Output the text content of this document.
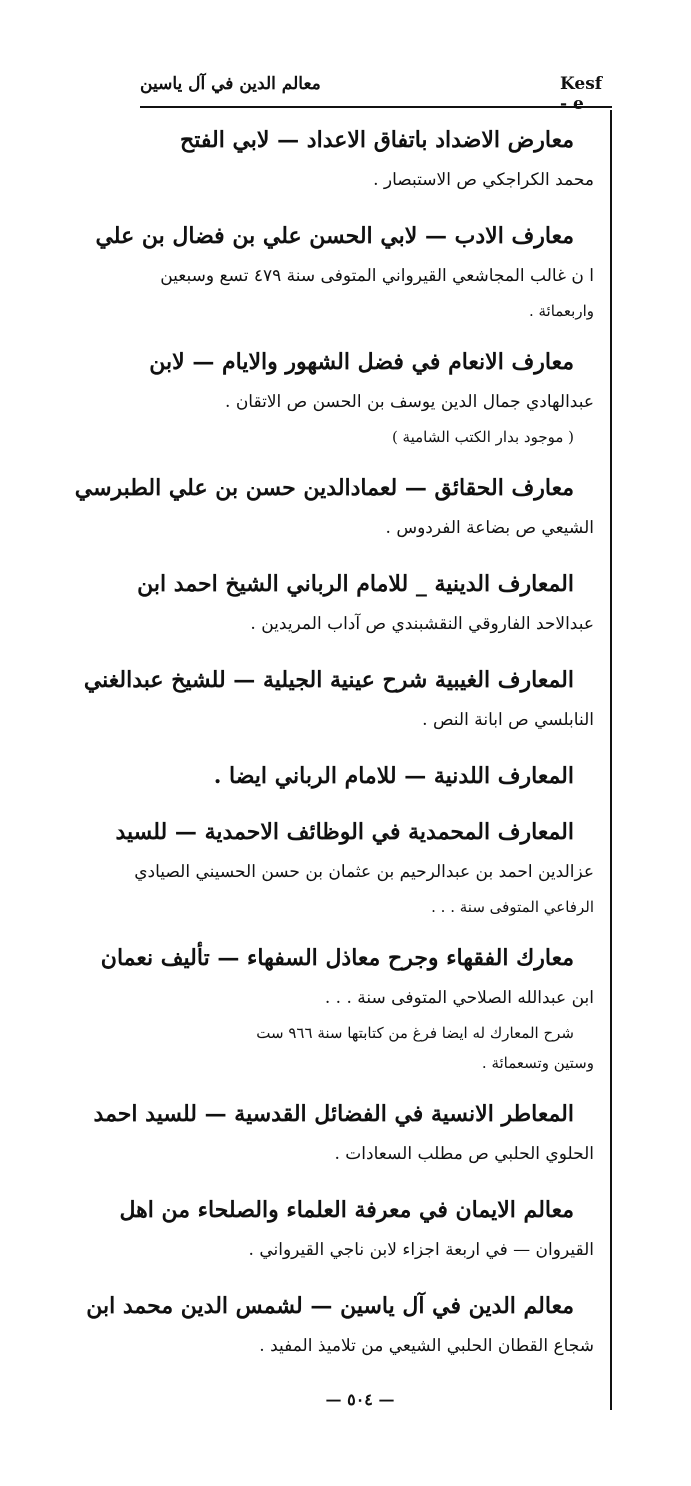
معالم الدين في آل ياسين	Kesf - e
معارض الاضداد باتفاق الاعداد — لابي الفتح
محمد الكراجكي ص الاستبصار .
معارف الادب — لابي الحسن علي بن فضال بن علي
ا ن غالب المجاشعي القيرواني المتوفى سنة ٤٧٩ تسع وسبعين
واربعمائة .
معارف الانعام في فضل الشهور والايام — لابن
عبدالهادي جمال الدين يوسف بن الحسن ص الاتقان .
( موجود بدار الكتب الشامية )
معارف الحقائق — لعمادالدين حسن بن علي الطبرسي
الشيعي ص بضاعة الفردوس .
المعارف الدينية _ للامام الرباني الشيخ احمد ابن
عبدالاحد الفاروقي النقشبندي ص آداب المريدين .
المعارف الغيبية شرح عينية الجيلية — للشيخ عبدالغني
النابلسي ص ابانة النص .
المعارف اللدنية — للامام الرباني ايضا .
المعارف المحمدية في الوظائف الاحمدية — للسيد
عزالدين احمد بن عبدالرحيم بن عثمان بن حسن الحسيني الصيادي
الرفاعي المتوفى سنة . . .
معارك الفقهاء وجرح معاذل السفهاء — تأليف نعمان
ابن عبدالله الصلاحي المتوفى سنة . . .
شرح المعارك له ايضا فرغ من كتابتها سنة ٩٦٦ ست
وستين وتسعمائة .
المعاطر الانسية في الفضائل القدسية — للسيد احمد
الحلوي الحلبي ص مطلب السعادات .
معالم الايمان في معرفة العلماء والصلحاء من اهل
القيروان — في اربعة اجزاء لابن ناجي القيرواني .
معالم الدين في آل ياسين — لشمس الدين محمد ابن
شجاع القطان الحلبي الشيعي من تلاميذ المفيد .
— ٥٠٤ —
